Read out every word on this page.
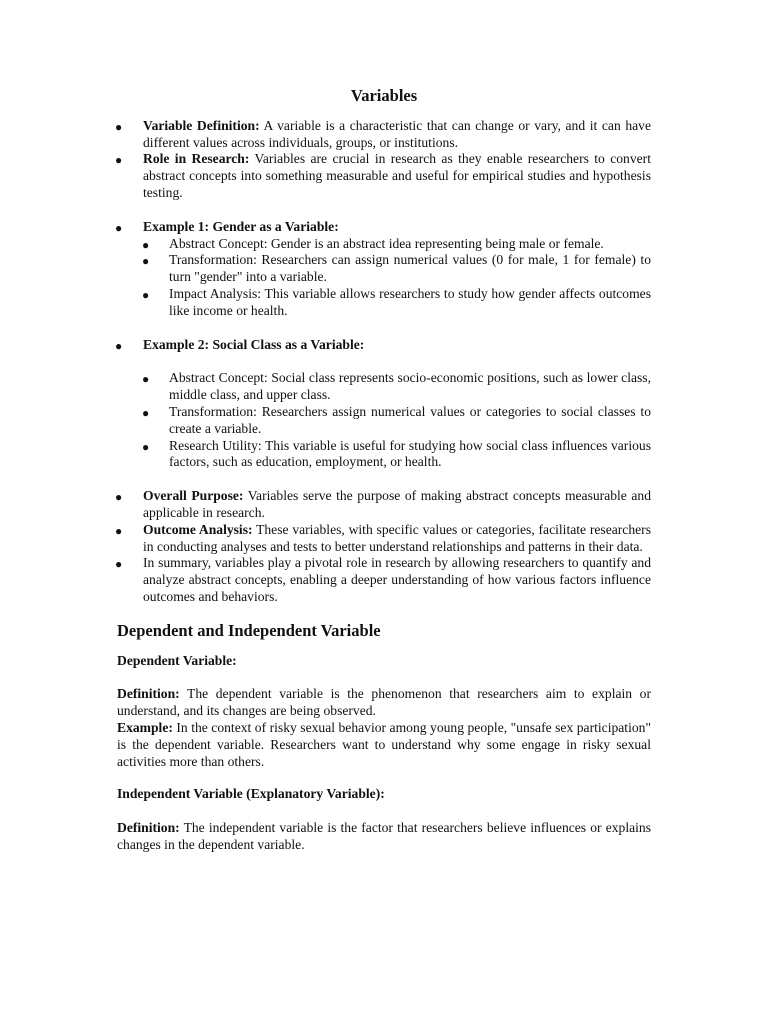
Variables
● Variable Definition: A variable is a characteristic that can change or vary, and it can have different values across individuals, groups, or institutions.
● Role in Research: Variables are crucial in research as they enable researchers to convert abstract concepts into something measurable and useful for empirical studies and hypothesis testing.
● Example 1: Gender as a Variable:
● Abstract Concept: Gender is an abstract idea representing being male or female.
● Transformation: Researchers can assign numerical values (0 for male, 1 for female) to turn "gender" into a variable.
● Impact Analysis: This variable allows researchers to study how gender affects outcomes like income or health.
● Example 2: Social Class as a Variable:
● Abstract Concept: Social class represents socio-economic positions, such as lower class, middle class, and upper class.
● Transformation: Researchers assign numerical values or categories to social classes to create a variable.
● Research Utility: This variable is useful for studying how social class influences various factors, such as education, employment, or health.
● Overall Purpose: Variables serve the purpose of making abstract concepts measurable and applicable in research.
● Outcome Analysis: These variables, with specific values or categories, facilitate researchers in conducting analyses and tests to better understand relationships and patterns in their data.
● In summary, variables play a pivotal role in research by allowing researchers to quantify and analyze abstract concepts, enabling a deeper understanding of how various factors influence outcomes and behaviors.
Dependent and Independent Variable
Dependent Variable:

Definition: The dependent variable is the phenomenon that researchers aim to explain or understand, and its changes are being observed.

Example: In the context of risky sexual behavior among young people, "unsafe sex participation" is the dependent variable. Researchers want to understand why some engage in risky sexual activities more than others.

Independent Variable (Explanatory Variable):

Definition: The independent variable is the factor that researchers believe influences or explains changes in the dependent variable.
